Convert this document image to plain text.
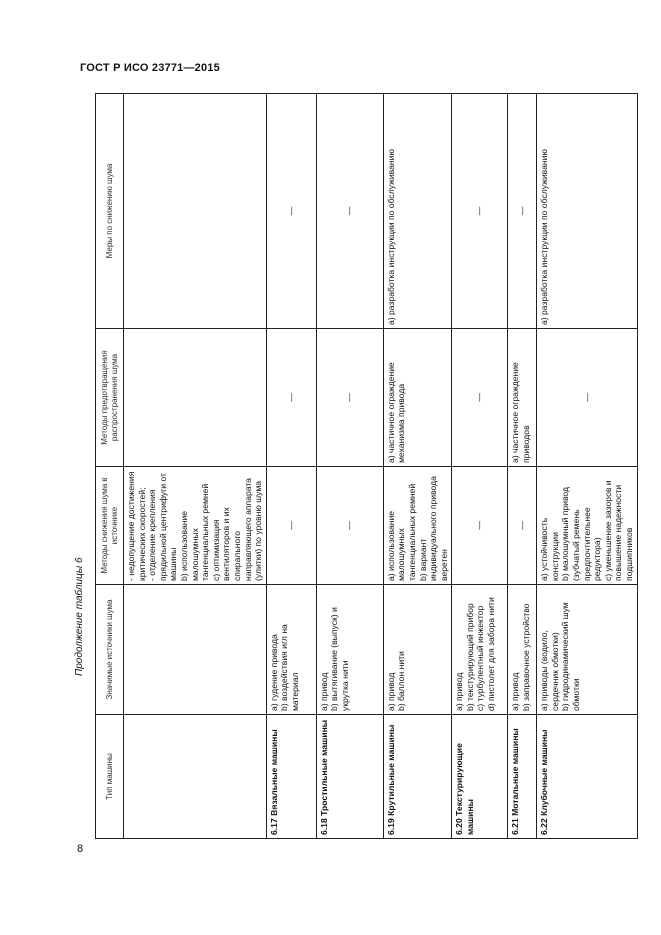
ГОСТ Р ИСО 23771—2015
8
Продолжение таблицы 6
Тип машины	Значимые источники шума	Методы снижения шума в источнике	Методы предотвращения распространения шума	Меры по снижению шума

		- недопущение достижения критических скоростей; - отделение крепления прядильной центрифуги от машины b) использование малошумных тангенциальных ремней c) оптимизация вентиляторов и их спирального направляющего аппарата (улитки) по уровню шума		

6.17 Вязальные машины	a) гудение привода b) воздействия игл на материал	—	—	—
6.18 Тростильные машины	a) привод b) вытягивание (выпуск) и укрутка нити	—	—	—
6.19 Крутильные машины	a) привод b) баллон нити	a) использование малошумных тангенциальных ремней b) вариант индивидуального привода веретен	a) частичное ограждение механизма привода	a) разработка инструкции по обслуживанию
6.20 Текстурирующие машины	a) привод b) текстурирующий прибор c) турбулентный инжектор d) пистолет для забора нити	—	—	—
6.21 Мотальные машины	a) привод b) заправочное устройство	—	a) частичное ограждение приводов	—
6.22 Клубочные машины	a) приводы (водило, сердечник обмотки) b) гидродинамический шум обмотки	a) устойчивость конструкции b) малошумный привод (зубчатый ремень предпочтительнее редуктора) c) уменьшение зазоров и повышение надежности подшипников	—	a) разработка инструкции по обслуживанию
